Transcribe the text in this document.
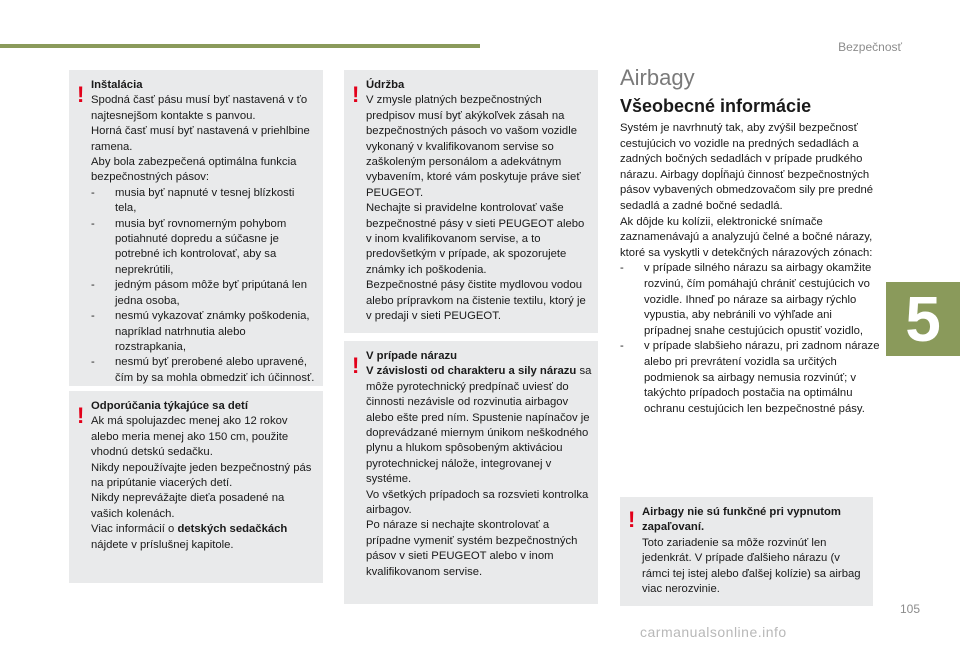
Bezpečnosť
5
105
! Inštalácia

Spodná časť pásu musí byť nastavená v ťo najtesnejšom kontakte s panvou.

Horná časť musí byť nastavená v priehlbine ramena.

Aby bola zabezpečená optimálna funkcia bezpečnostných pásov:

-	musia byť napnuté v tesnej blízkosti tela,
-	musia byť rovnomerným pohybom potiahnuté dopredu a súčasne je potrebné ich kontrolovať, aby sa neprekrútili,
-	jedným pásom môže byť pripútaná len jedna osoba,
-	nesmú vykazovať známky poškodenia, napríklad natrhnutia alebo rozstrapkania,
-	nesmú byť prerobené alebo upravené, čím by sa mohla obmedziť ich účinnosť.
! Odporúčania týkajúce sa detí

Ak má spolujazdec menej ako 12 rokov alebo meria menej ako 150 cm, použite vhodnú detskú sedačku.

Nikdy nepoužívajte jeden bezpečnostný pás na pripútanie viacerých detí.

Nikdy neprevážajte dieťa posadené na vašich kolenách.

Viac informácií o detských sedačkách nájdete v príslušnej kapitole.

! Údržba

V zmysle platných bezpečnostných predpisov musí byť akýkoľvek zásah na bezpečnostných pásoch vo vašom vozidle vykonaný v kvalifikovanom servise so zaškoleným personálom a adekvátnym vybavením, ktoré vám poskytuje práve sieť PEUGEOT.

Nechajte si pravidelne kontrolovať vaše bezpečnostné pásy v sieti PEUGEOT alebo v inom kvalifikovanom servise, a to predovšetkým v prípade, ak spozorujete známky ich poškodenia.

Bezpečnostné pásy čistite mydlovou vodou alebo prípravkom na čistenie textilu, ktorý je v predaji v sieti PEUGEOT.

! V prípade nárazu

V závislosti od charakteru a sily nárazu sa môže pyrotechnický predpínač uviesť do činnosti nezávisle od rozvinutia airbagov alebo ešte pred ním. Spustenie napínačov je doprevádzané miernym únikom neškodného plynu a hlukom spôsobeným aktiváciou pyrotechnickej náložе, integrovanej v systéme.

Vo všetkých prípadoch sa rozsvieti kontrolka airbagov.

Po náraze si nechajte skontrolovať a prípadne vymeniť systém bezpečnostných pásov v sieti PEUGEOT alebo v inom kvalifikovanom servise.

Airbagy

Všeobecné informácie

Systém je navrhnutý tak, aby zvýšil bezpečnosť cestujúcich vo vozidle na predných sedadlách a zadných bočných sedadlách v prípade prudkého nárazu. Airbagy dopĺňajú činnosť bezpečnostných pásov vybavených obmedzovačom sily pre predné sedadlá a zadné bočné sedadlá.

Ak dôjde ku kolízii, elektronické snímače zaznamenávajú a analyzujú čelné a bočné nárazy, ktoré sa vyskytli v detekčných nárazových zónach:

-	v prípade silného nárazu sa airbagy okamžite rozvinú, čím pomáhajú chrániť cestujúcich vo vozidle. Ihneď po náraze sa airbagy rýchlo vypustia, aby nebránili vo výhľade ani prípadnej snahe cestujúcich opustiť vozidlo,
-	v prípade slabšieho nárazu, pri zadnom náraze alebo pri prevrátení vozidla sa určitých podmienok sa airbagy nemusia rozvinúť; v takýchto prípadoch postačia na optimálnu ochranu cestujúcich len bezpečnostné pásy.
! Airbagy nie sú funkčné pri vypnutom zapaľovaní.

Toto zariadenie sa môže rozvinúť len jedenkrát. V prípade ďalšieho nárazu (v rámci tej istej alebo ďalšej kolízie) sa airbag viac nerozvinie.

carmanualsonline.info
